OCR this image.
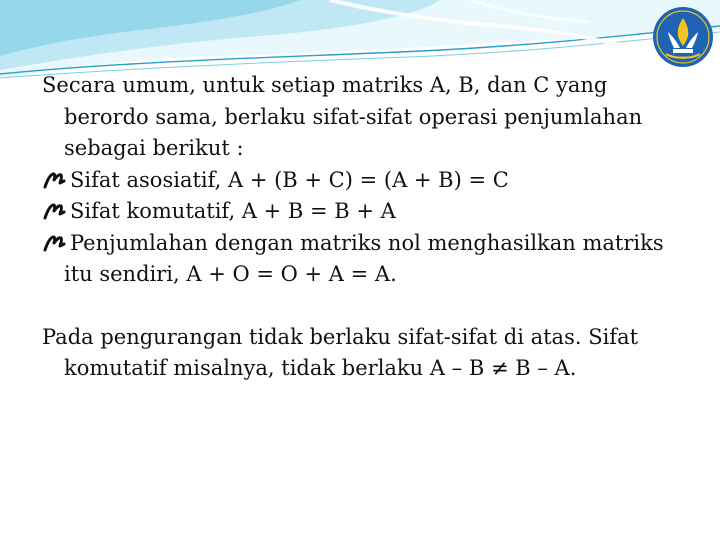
Secara umum, untuk setiap matriks A, B, dan C yang berordo sama, berlaku sifat-sifat operasi penjumlahan sebagai berikut :

Sifat asosiatif, A + (B + C) = (A + B) = C

Sifat komutatif, A + B = B + A

Penjumlahan dengan matriks nol menghasilkan matriks itu sendiri, A + O = O + A = A.

Pada pengurangan tidak berlaku sifat-sifat di atas. Sifat komutatif misalnya, tidak berlaku A – B ≠ B – A.
